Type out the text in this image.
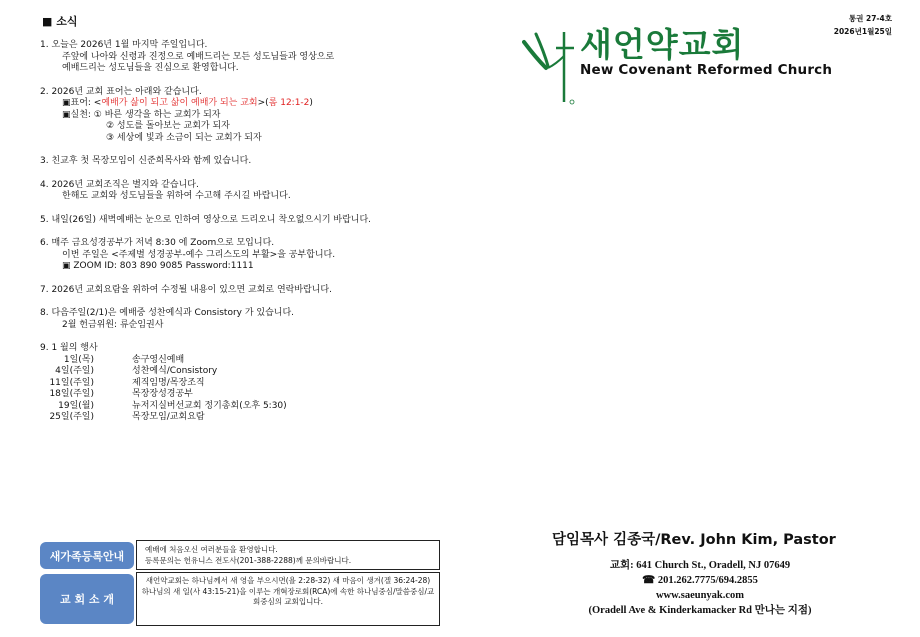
■ 소식
1. 오늘은 2026년 1월 마지막 주일입니다.
주앞에 나아와 신령과 진정으로 예배드리는 모든 성도님들과 영상으로
예배드리는 성도님들을 진심으로 환영합니다.
2. 2026년 교회 표어는 아래와 같습니다.
▣표어: <예배가 삶이 되고 삶이 예배가 되는 교회>(롬 12:1-2)
▣실천: ① 바른 생각을 하는 교회가 되자
② 성도를 돌아보는 교회가 되자
③ 세상에 빛과 소금이 되는 교회가 되자
3. 친교후 첫 목장모임이 신준희목사와 함께 있습니다.
4. 2026년 교회조직은 별지와 같습니다.
한해도 교회와 성도님들을 위하여 수고해 주시길 바랍니다.
5. 내일(26일) 새벽예배는 눈으로 인하여 영상으로 드리오니 착오없으시기 바랍니다.
6. 매주 금요성경공부가 저녁 8:30 에 Zoom으로 모입니다.
이번 주일은 <주제별 성경공부-예수 그리스도의 부활>을 공부합니다.
▣ ZOOM ID: 803 890 9085 Password:1111
7. 2026년 교회요람을 위하여 수정될 내용이 있으면 교회로 연락바랍니다.
8. 다음주일(2/1)은 예배중 성찬예식과 Consistory 가 있습니다.
2월 헌금위원: 류순임권사
9. 1 월의 행사
1일(목)	송구영신예배
4일(주일)	성찬예식/Consistory
11일(주일)	제직임명/목장조직
18일(주일)	목장장성경공부
19일(월)	뉴저지실버선교회 정기총회(오후 5:30)
25일(주일)	목장모임/교회요람
통권 27-4호
2026년1월25일
새언약교회
New Covenant Reformed Church
담임목사 김종국/Rev. John Kim, Pastor
교회: 641 Church St., Oradell, NJ 07649
☎ 201.262.7775/694.2855
www.saeunyak.com
(Oradell Ave & Kinderkamacker Rd 만나는 지점)
새가족등록안내	예배에 처음오신 여러분들을 환영합니다.
등록문의는 헌유니스 전도사(201-388-2288)께 문의바랍니다.
교 회 소 개
새언약교회는 하나님께서 새 영을 부으시면(욜 2:28-32) 새 마음이 생겨(겔 36:24-28) 하나님의 새 일(사 43:15-21)을 이루는 개혁장로회(RCA)에 속한 하나님중심/말씀중심/교회중심의 교회입니다.
